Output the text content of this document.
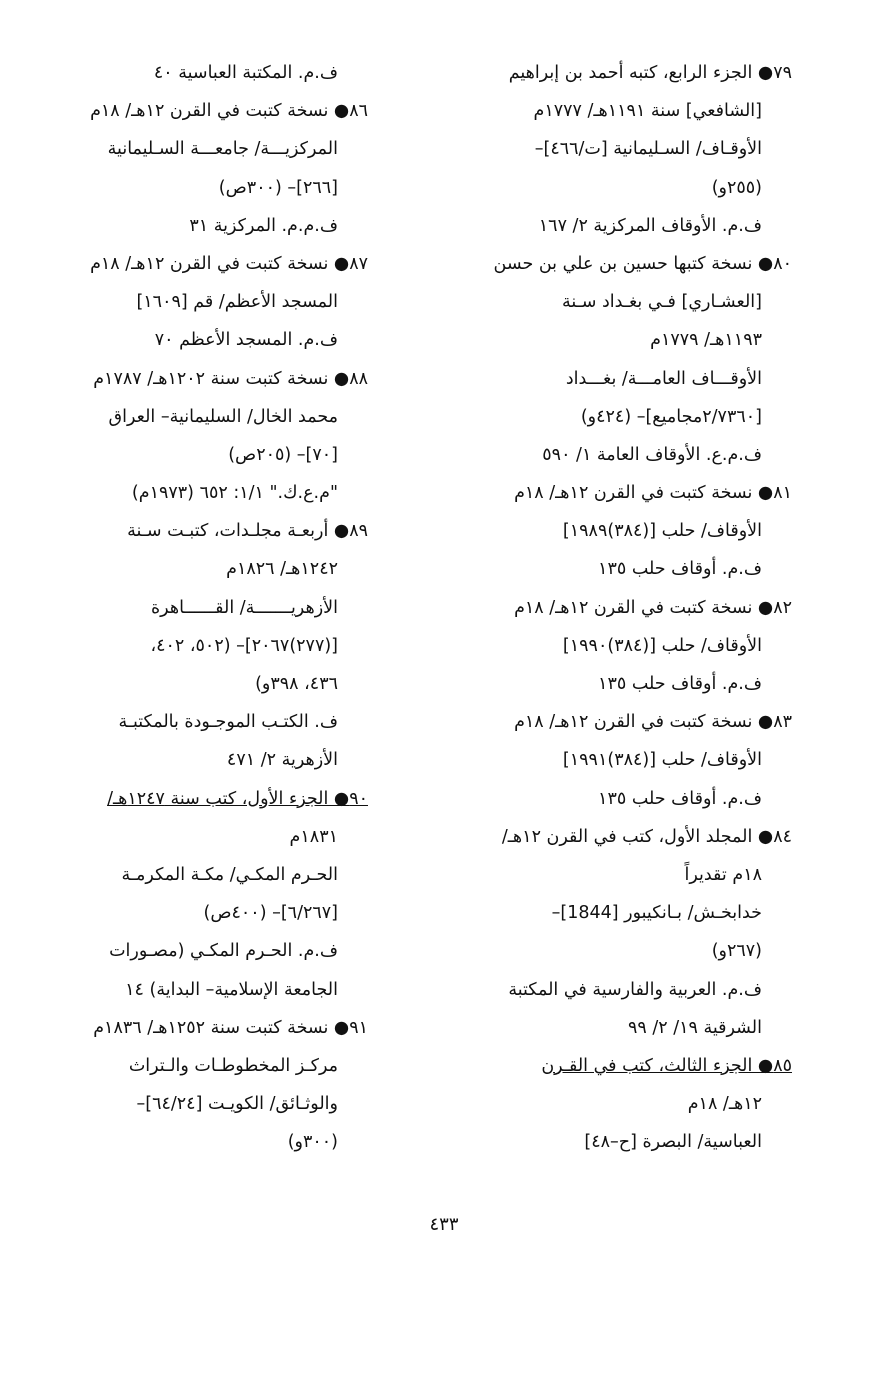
٧٩● الجزء الرابع، كتبه أحمد بن إبراهيم
[الشافعي] سنة ١١٩١هـ/ ١٧٧٧م
الأوقـاف/ السـليمانية [ت/٤٦٦]–
(٢٥٥و)
ف.م. الأوقاف المركزية ٢/ ١٦٧
٨٠● نسخة كتبها حسين بن علي بن حسن
[العشـاري] فـي بغـداد سـنة
١١٩٣هـ/ ١٧٧٩م
الأوقـــاف العامـــة/ بغـــداد
[٢/٧٣٦٠مجاميع]– (٤٢٤و)
ف.م.ع. الأوقاف العامة ١/ ٥٩٠
٨١● نسخة كتبت في القرن ١٢هـ/ ١٨م
الأوقاف/ حلب [(٣٨٤)١٩٨٩]
ف.م. أوقاف حلب ١٣٥
٨٢● نسخة كتبت في القرن ١٢هـ/ ١٨م
الأوقاف/ حلب [(٣٨٤)١٩٩٠]
ف.م. أوقاف حلب ١٣٥
٨٣● نسخة كتبت في القرن ١٢هـ/ ١٨م
الأوقاف/ حلب [(٣٨٤)١٩٩١]
ف.م. أوقاف حلب ١٣٥
٨٤● المجلد الأول، كتب في القرن ١٢هـ/
١٨م تقديراً
خدابخـش/ بـانكيبور [1844]–
(٢٦٧و)
ف.م. العربية والفارسية في المكتبة
الشرقية ١٩/ ٢/ ٩٩
٨٥● الجزء الثالث، كتب في القـرن
١٢هـ/ ١٨م
العباسية/ البصرة [ح–٤٨]
ف.م. المكتبة العباسية ٤٠
٨٦● نسخة كتبت في القرن ١٢هـ/ ١٨م
المركزيـــة/ جامعـــة السـليمانية
[٢٦٦]– (٣٠٠ص)
ف.م.م. المركزية ٣١
٨٧● نسخة كتبت في القرن ١٢هـ/ ١٨م
المسجد الأعظم/ قم [١٦٠٩]
ف.م. المسجد الأعظم ٧٠
٨٨● نسخة كتبت سنة ١٢٠٢هـ/ ١٧٨٧م
محمد الخال/ السليمانية– العراق
[٧٠]– (٢٠٥ص)
"م.ع.ك." ١/١: ٦٥٢ (١٩٧٣م)
٨٩● أربعـة مجلـدات، كتبـت سـنة
١٢٤٢هـ/ ١٨٢٦م
الأزهريـــــــة/ القــــــاهرة
[(٢٧٧)٢٠٦٧]– (٥٠٢، ٤٠٢،
٤٣٦، ٣٩٨و)
ف. الكتـب الموجـودة بالمكتبـة
الأزهرية ٢/ ٤٧١
٩٠● الجزء الأول، كتب سنة ١٢٤٧هـ/
١٨٣١م
الحـرم المكـي/ مكـة المكرمـة
[٦/٢٦٧]– (٤٠٠ص)
ف.م. الحـرم المكـي (مصـورات
الجامعة الإسلامية– البداية) ١٤
٩١● نسخة كتبت سنة ١٢٥٢هـ/ ١٨٣٦م
مركـز المخطوطـات والـتراث
والوثـائق/ الكويـت [٦٤/٢٤]–
(٣٠٠و)
٤٣٣
